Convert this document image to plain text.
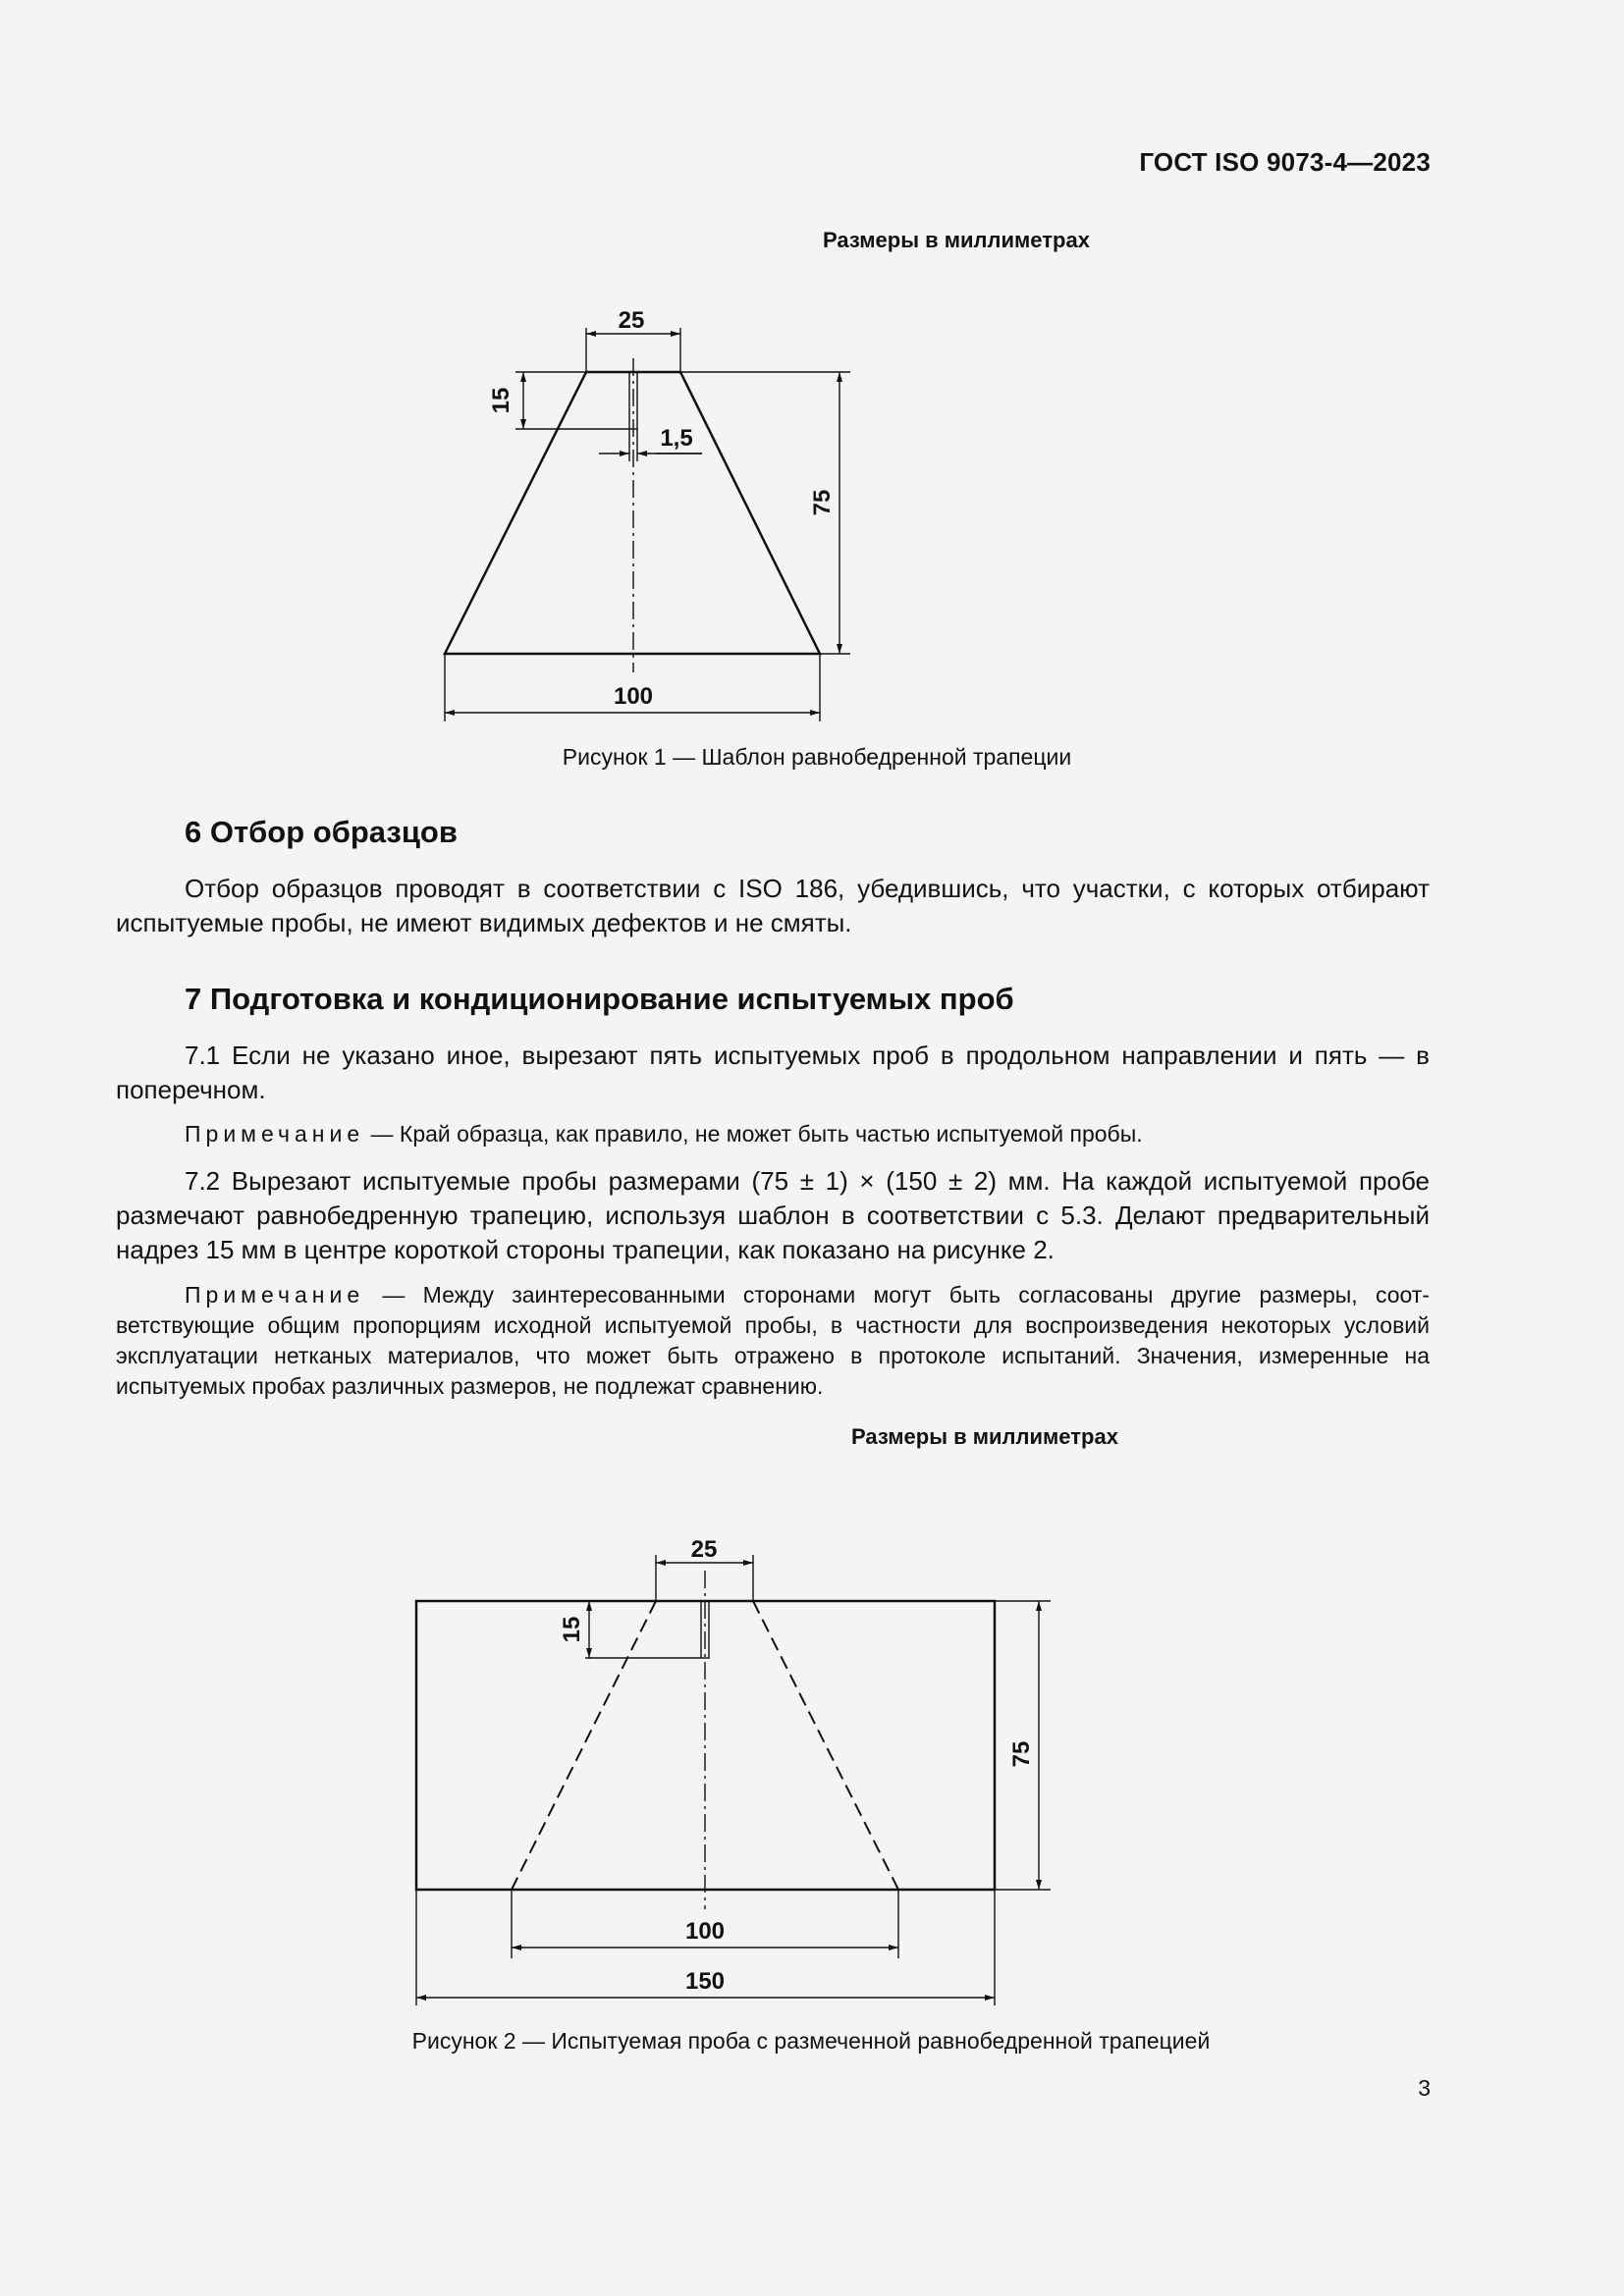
ГОСТ ISO 9073-4—2023
Размеры в миллиметрах
25
15
1,5
75
100
25
15
75
100
150
Рисунок 1 — Шаблон равнобедренной трапеции
6 Отбор образцов
Отбор образцов проводят в соответствии с ISO 186, убедившись, что участки, с которых отбирают испытуемые пробы, не имеют видимых дефектов и не смяты.
7 Подготовка и кондиционирование испытуемых проб
7.1 Если не указано иное, вырезают пять испытуемых проб в продольном направлении и пять — в поперечном.
Примечание — Край образца, как правило, не может быть частью испытуемой пробы.
7.2 Вырезают испытуемые пробы размерами (75 ± 1) × (150 ± 2) мм. На каждой испытуемой пробе размечают равнобедренную трапецию, используя шаблон в соответствии с 5.3. Делают предварительный надрез 15 мм в центре короткой стороны трапеции, как показано на рисунке 2.
Примечание — Между заинтересованными сторонами могут быть согласованы другие размеры, соответствующие общим пропорциям исходной испытуемой пробы, в частности для воспроизведения некоторых условий эксплуатации нетканых материалов, что может быть отражено в протоколе испытаний. Значения, измеренные на испытуемых пробах различных размеров, не подлежат сравнению.
Размеры в миллиметрах
Рисунок 2 — Испытуемая проба с размеченной равнобедренной трапецией
3
